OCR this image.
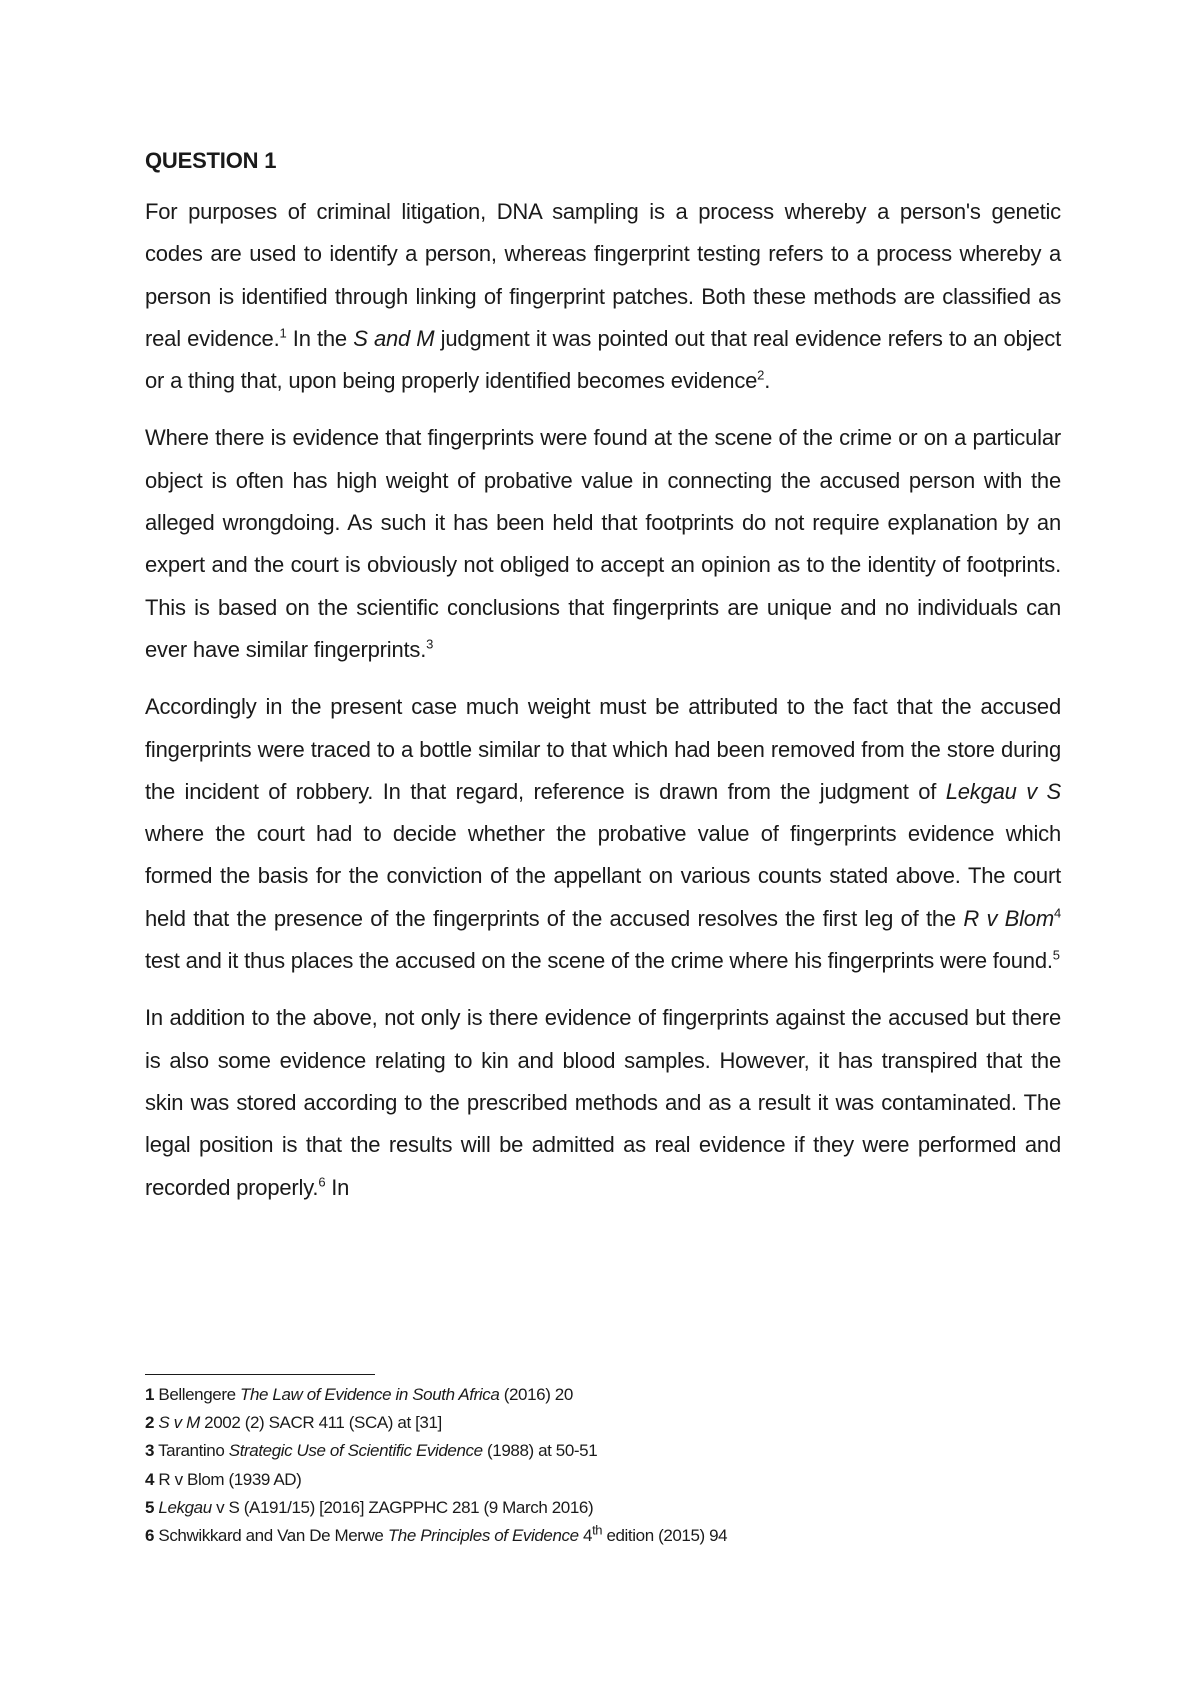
QUESTION 1

For purposes of criminal litigation, DNA sampling is a process whereby a person's genetic codes are used to identify a person, whereas fingerprint testing refers to a process whereby a person is identified through linking of fingerprint patches. Both these methods are classified as real evidence.$^1$ In the S and M judgment it was pointed out that real evidence refers to an object or a thing that, upon being properly identified becomes evidence$^2$.

Where there is evidence that fingerprints were found at the scene of the crime or on a particular object is often has high weight of probative value in connecting the accused person with the alleged wrongdoing. As such it has been held that footprints do not require explanation by an expert and the court is obviously not obliged to accept an opinion as to the identity of footprints. This is based on the scientific conclusions that fingerprints are unique and no individuals can ever have similar fingerprints.$^3$

Accordingly in the present case much weight must be attributed to the fact that the accused fingerprints were traced to a bottle similar to that which had been removed from the store during the incident of robbery. In that regard, reference is drawn from the judgment of Lekgau v S where the court had to decide whether the probative value of fingerprints evidence which formed the basis for the conviction of the appellant on various counts stated above. The court held that the presence of the fingerprints of the accused resolves the first leg of the R v Blom$^4$ test and it thus places the accused on the scene of the crime where his fingerprints were found.$^5$

In addition to the above, not only is there evidence of fingerprints against the accused but there is also some evidence relating to kin and blood samples. However, it has transpired that the skin was stored according to the prescribed methods and as a result it was contaminated. The legal position is that the results will be admitted as real evidence if they were performed and recorded properly.$^6$ In

1 Bellengere The Law of Evidence in South Africa (2016) 20
2 S v M 2002 (2) SACR 411 (SCA) at [31]
3 Tarantino Strategic Use of Scientific Evidence (1988) at 50-51
4 R v Blom (1939 AD)
5 Lekgau v S (A191/15) [2016] ZAGPPHC 281 (9 March 2016)
6 Schwikkard and Van De Merwe The Principles of Evidence 4th edition (2015) 94
